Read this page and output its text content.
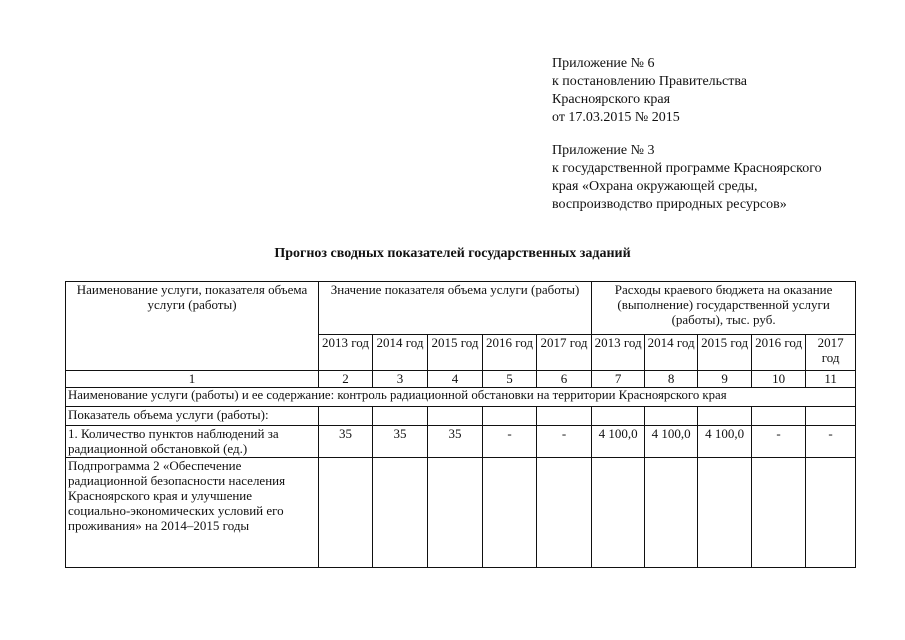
Приложение № 6
к постановлению Правительства
Красноярского края
от 17.03.2015 № 2015
Приложение № 3
к государственной программе Красноярского
края «Охрана окружающей среды,
воспроизводство природных ресурсов»
Прогноз сводных показателей государственных заданий
Наименование услуги, показателя объема услуги (работы)	Значение показателя объема услуги (работы)					Расходы краевого бюджета на оказание (выполнение) государственной услуги (работы), тыс. руб.				
	2013 год	2014 год	2015 год	2016 год	2017 год	2013 год	2014 год	2015 год	2016 год	2017 год
1	2	3	4	5	6	7	8	9	10	11
Наименование услуги (работы) и ее содержание: контроль радиационной обстановки на территории Красноярского края										
Показатель объема услуги (работы):										
1. Количество пунктов наблюдений за радиационной обстановкой (ед.)	35	35	35	-	-	4 100,0	4 100,0	4 100,0	-	-
Подпрограмма 2 «Обеспечение радиационной безопасности населения Красноярского края и улучшение социально-экономических условий его проживания» на 2014–2015 годы										
